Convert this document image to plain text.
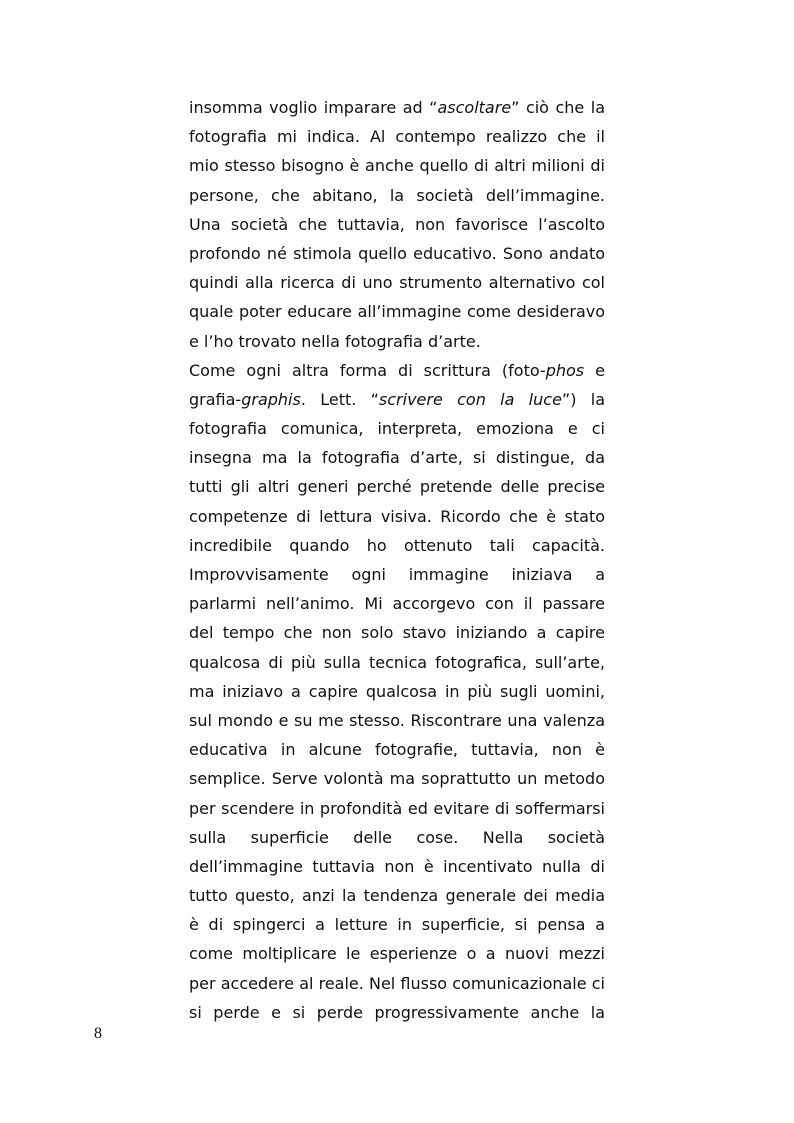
insomma voglio imparare ad “ascoltare” ciò che la
fotografia mi indica. Al contempo realizzo che il
mio stesso bisogno è anche quello di altri milioni di
persone, che abitano, la società dell’immagine.
Una società che tuttavia, non favorisce l’ascolto
profondo né stimola quello educativo. Sono andato
quindi alla ricerca di uno strumento alternativo col
quale poter educare all’immagine come desideravo
e l’ho trovato nella fotografia d’arte.
Come ogni altra forma di scrittura (foto-phos e
grafia-graphis. Lett. “scrivere con la luce”) la
fotografia comunica, interpreta, emoziona e ci
insegna ma la fotografia d’arte, si distingue, da
tutti gli altri generi perché pretende delle precise
competenze di lettura visiva. Ricordo che è stato
incredibile quando ho ottenuto tali capacità.
Improvvisamente ogni immagine iniziava a
parlarmi nell’animo. Mi accorgevo con il passare
del tempo che non solo stavo iniziando a capire
qualcosa di più sulla tecnica fotografica, sull’arte,
ma iniziavo a capire qualcosa in più sugli uomini,
sul mondo e su me stesso. Riscontrare una valenza
educativa in alcune fotografie, tuttavia, non è
semplice. Serve volontà ma soprattutto un metodo
per scendere in profondità ed evitare di soffermarsi
sulla superficie delle cose. Nella società
dell’immagine tuttavia non è incentivato nulla di
tutto questo, anzi la tendenza generale dei media
è di spingerci a letture in superficie, si pensa a
come moltiplicare le esperienze o a nuovi mezzi
per accedere al reale. Nel flusso comunicazionale ci
si perde e si perde progressivamente anche la
8
